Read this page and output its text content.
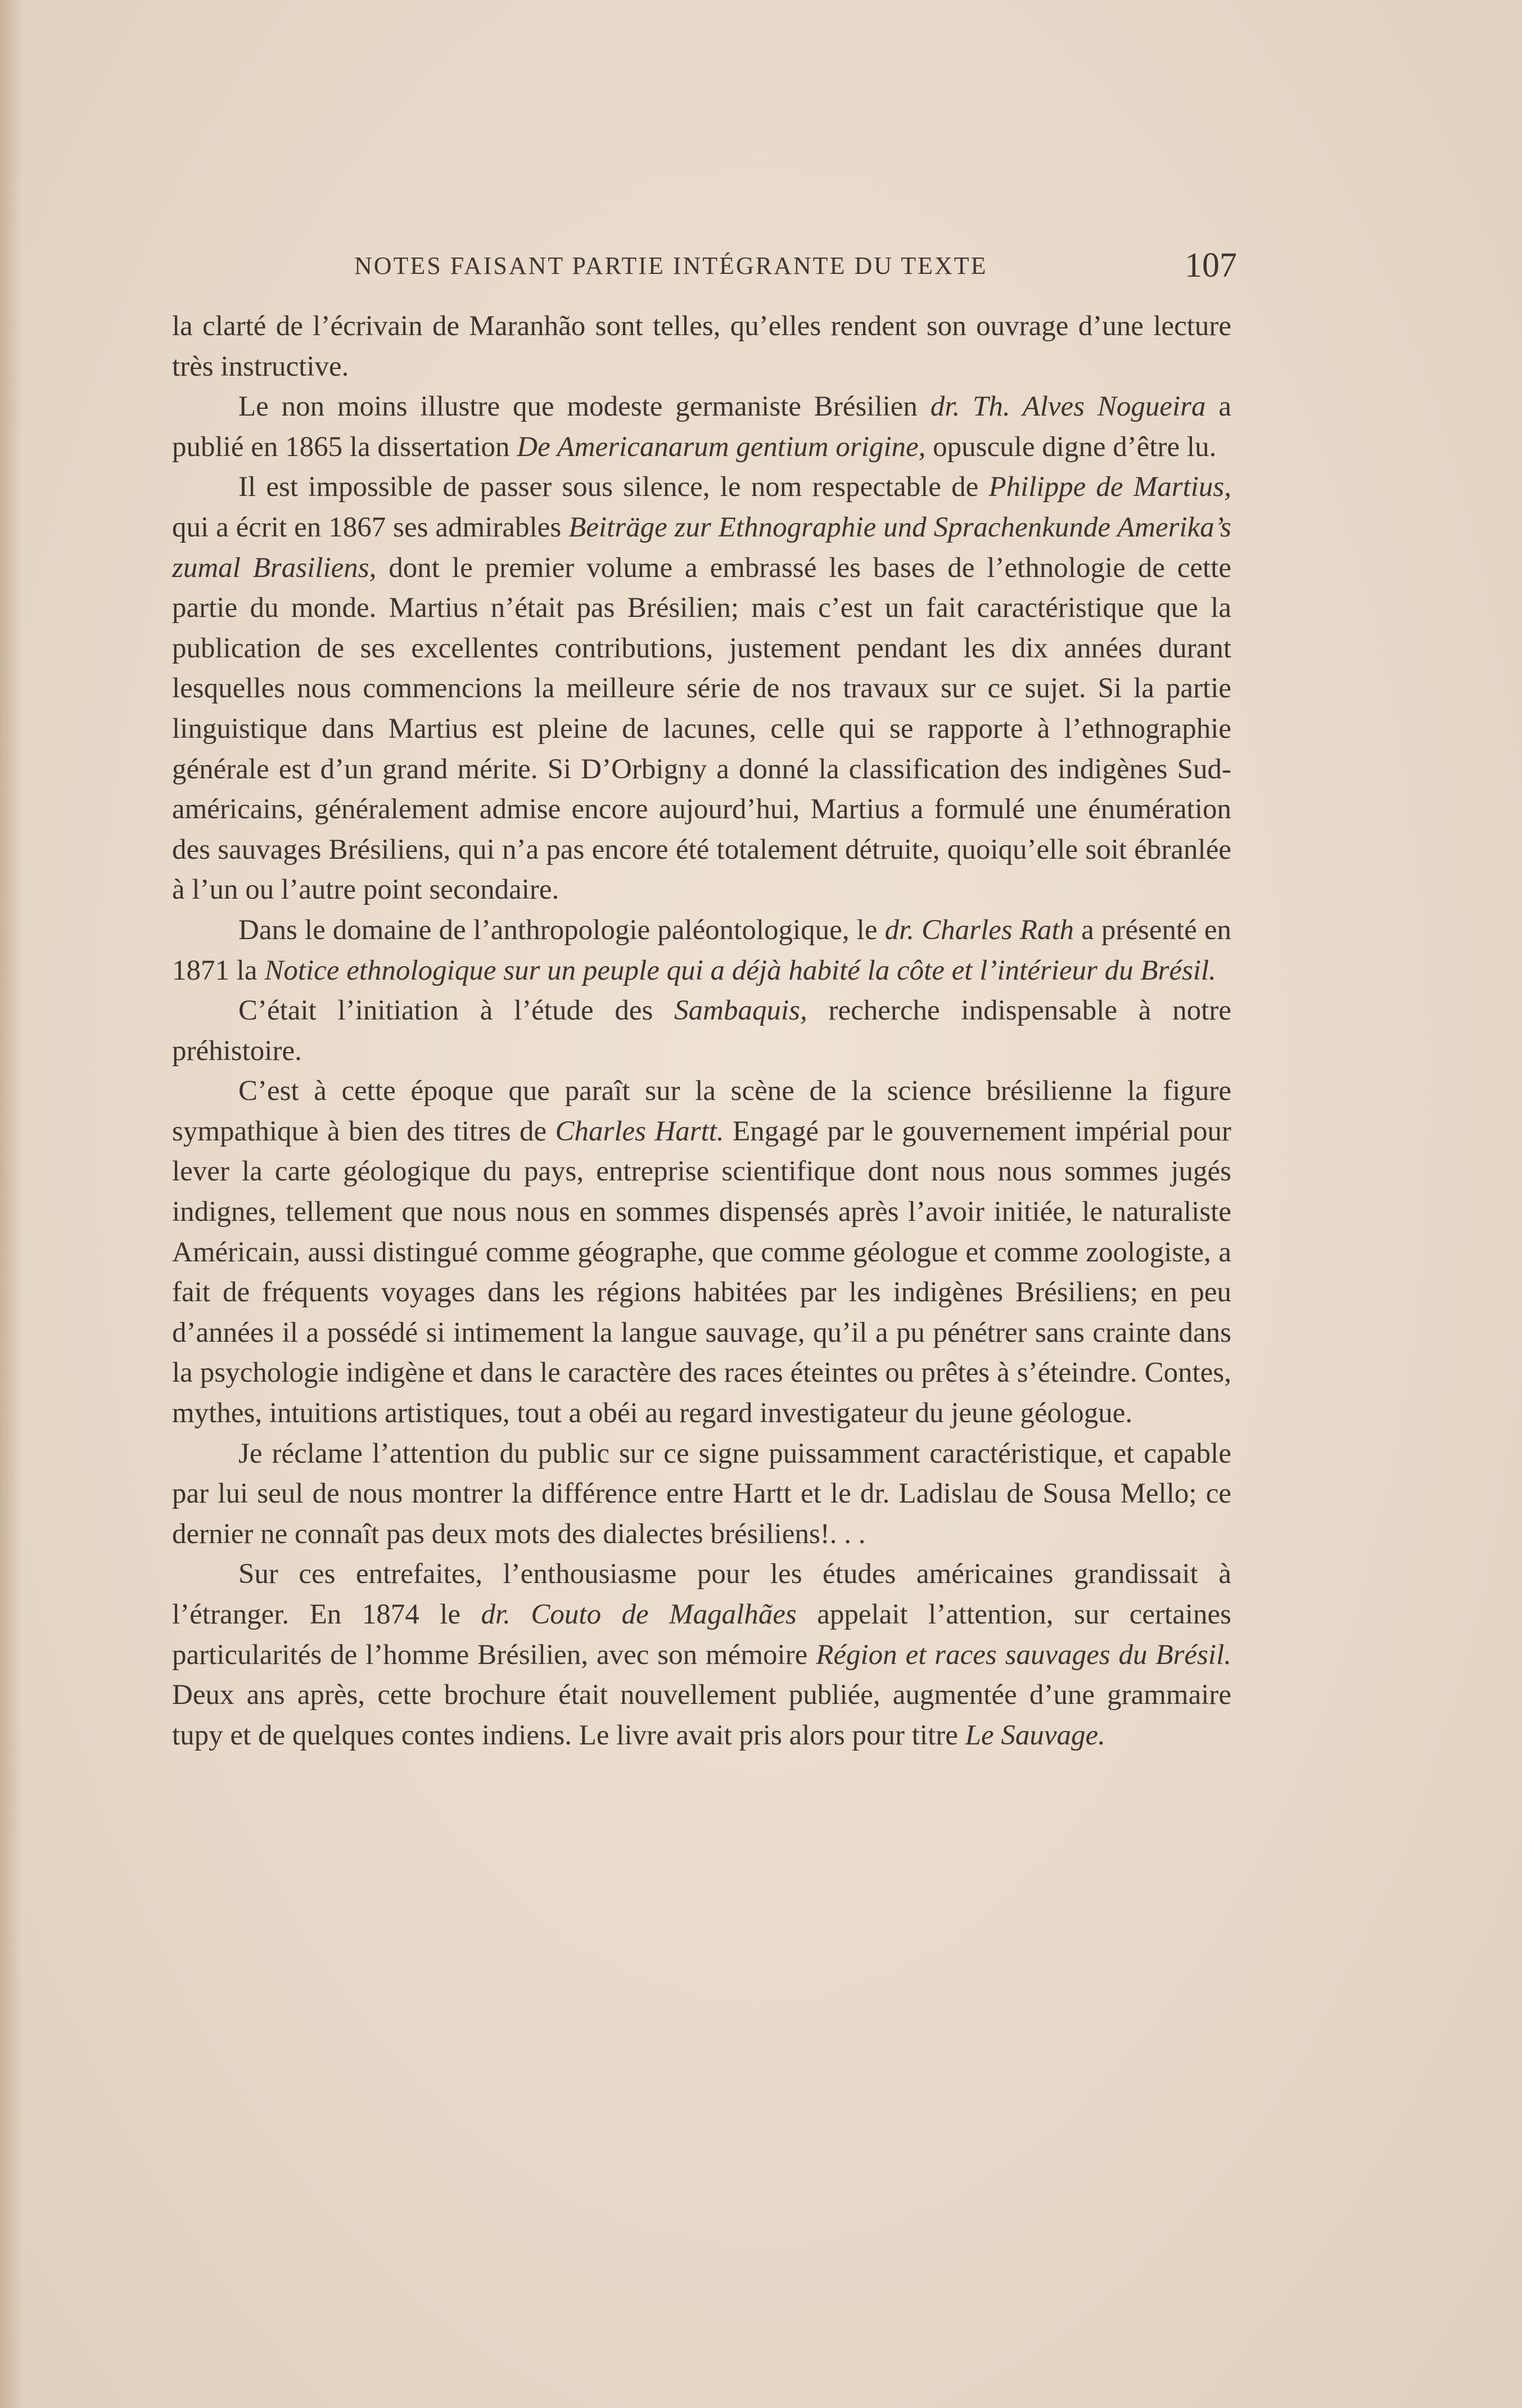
NOTES FAISANT PARTIE INTÉGRANTE DU TEXTE	107

la clarté de l’écrivain de Maranhão sont telles, qu’elles rendent son ouvrage d’une lecture très instructive.

Le non moins illustre que modeste germaniste Brésilien dr. Th. Alves Nogueira a publié en 1865 la dissertation De Americanarum gentium origine, opuscule digne d’être lu.

Il est impossible de passer sous silence, le nom respectable de Philippe de Martius, qui a écrit en 1867 ses admirables Beiträge zur Ethnographie und Sprachenkunde Amerika’s zumal Brasiliens, dont le premier volume a embrassé les bases de l’ethnologie de cette partie du monde. Martius n’était pas Brésilien; mais c’est un fait caractéristique que la publication de ses excellentes contributions, justement pendant les dix années durant lesquelles nous commencions la meilleure série de nos travaux sur ce sujet. Si la partie linguistique dans Martius est pleine de lacunes, celle qui se rapporte à l’ethnographie générale est d’un grand mérite. Si D’Orbigny a donné la classification des indigènes Sud-américains, généralement admise encore aujourd’hui, Martius a formulé une énumération des sauvages Brésiliens, qui n’a pas encore été totalement détruite, quoiqu’elle soit ébranlée à l’un ou l’autre point secondaire.

Dans le domaine de l’anthropologie paléontologique, le dr. Charles Rath a présenté en 1871 la Notice ethnologique sur un peuple qui a déjà habité la côte et l’intérieur du Brésil.

C’était l’initiation à l’étude des Sambaquis, recherche indispensable à notre préhistoire.

C’est à cette époque que paraît sur la scène de la science brésilienne la figure sympathique à bien des titres de Charles Hartt. Engagé par le gouvernement impérial pour lever la carte géologique du pays, entreprise scientifique dont nous nous sommes jugés indignes, tellement que nous nous en sommes dispensés après l’avoir initiée, le naturaliste Américain, aussi distingué comme géographe, que comme géologue et comme zoologiste, a fait de fréquents voyages dans les régions habitées par les indigènes Brésiliens; en peu d’années il a possédé si intimement la langue sauvage, qu’il a pu pénétrer sans crainte dans la psychologie indigène et dans le caractère des races éteintes ou prêtes à s’éteindre. Contes, mythes, intuitions artistiques, tout a obéi au regard investigateur du jeune géologue.

Je réclame l’attention du public sur ce signe puissamment caractéristique, et capable par lui seul de nous montrer la différence entre Hartt et le dr. Ladislau de Sousa Mello; ce dernier ne connaît pas deux mots des dialectes brésiliens!. . .

Sur ces entrefaites, l’enthousiasme pour les études américaines grandissait à l’étranger. En 1874 le dr. Couto de Magalhães appelait l’attention, sur certaines particularités de l’homme Brésilien, avec son mémoire Région et races sauvages du Brésil. Deux ans après, cette brochure était nouvellement publiée, augmentée d’une grammaire tupy et de quelques contes indiens. Le livre avait pris alors pour titre Le Sauvage.
